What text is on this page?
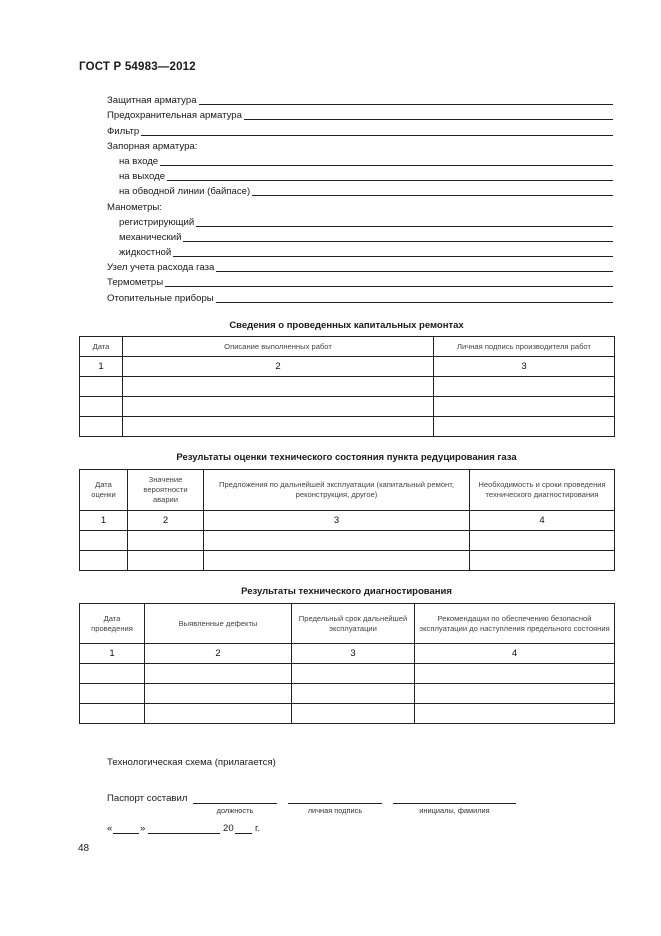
ГОСТ Р 54983—2012
Защитная арматура
Предохранительная арматура
Фильтр
Запорная арматура:
на входе
на выходе
на обводной линии (байпасе)
Манометры:
регистрирующий
механический
жидкостной
Узел учета расхода газа
Термометры
Отопительные приборы
Сведения о проведенных капитальных ремонтах
Дата	Описание выполненных работ	Личная подпись производителя работ
1	2	3

Результаты оценки технического состояния пункта редуцирования газа
Дата оценки	Значение вероятности аварии	Предложения по дальнейшей эксплуатации (капитальный ремонт, реконструкция, другое)	Необходимость и сроки проведения технического диагностирования
1	2	3	4

Результаты технического диагностирования
Дата проведения	Выявленные дефекты	Предельный срок дальнейшей эксплуатации	Рекомендации по обеспечению безопасной эксплуатации до наступления предельного состояния
1	2	3	4

Технологическая схема (прилагается)
Паспорт составил
должность	личная подпись	инициалы, фамилия
«	»	20 г.
48
